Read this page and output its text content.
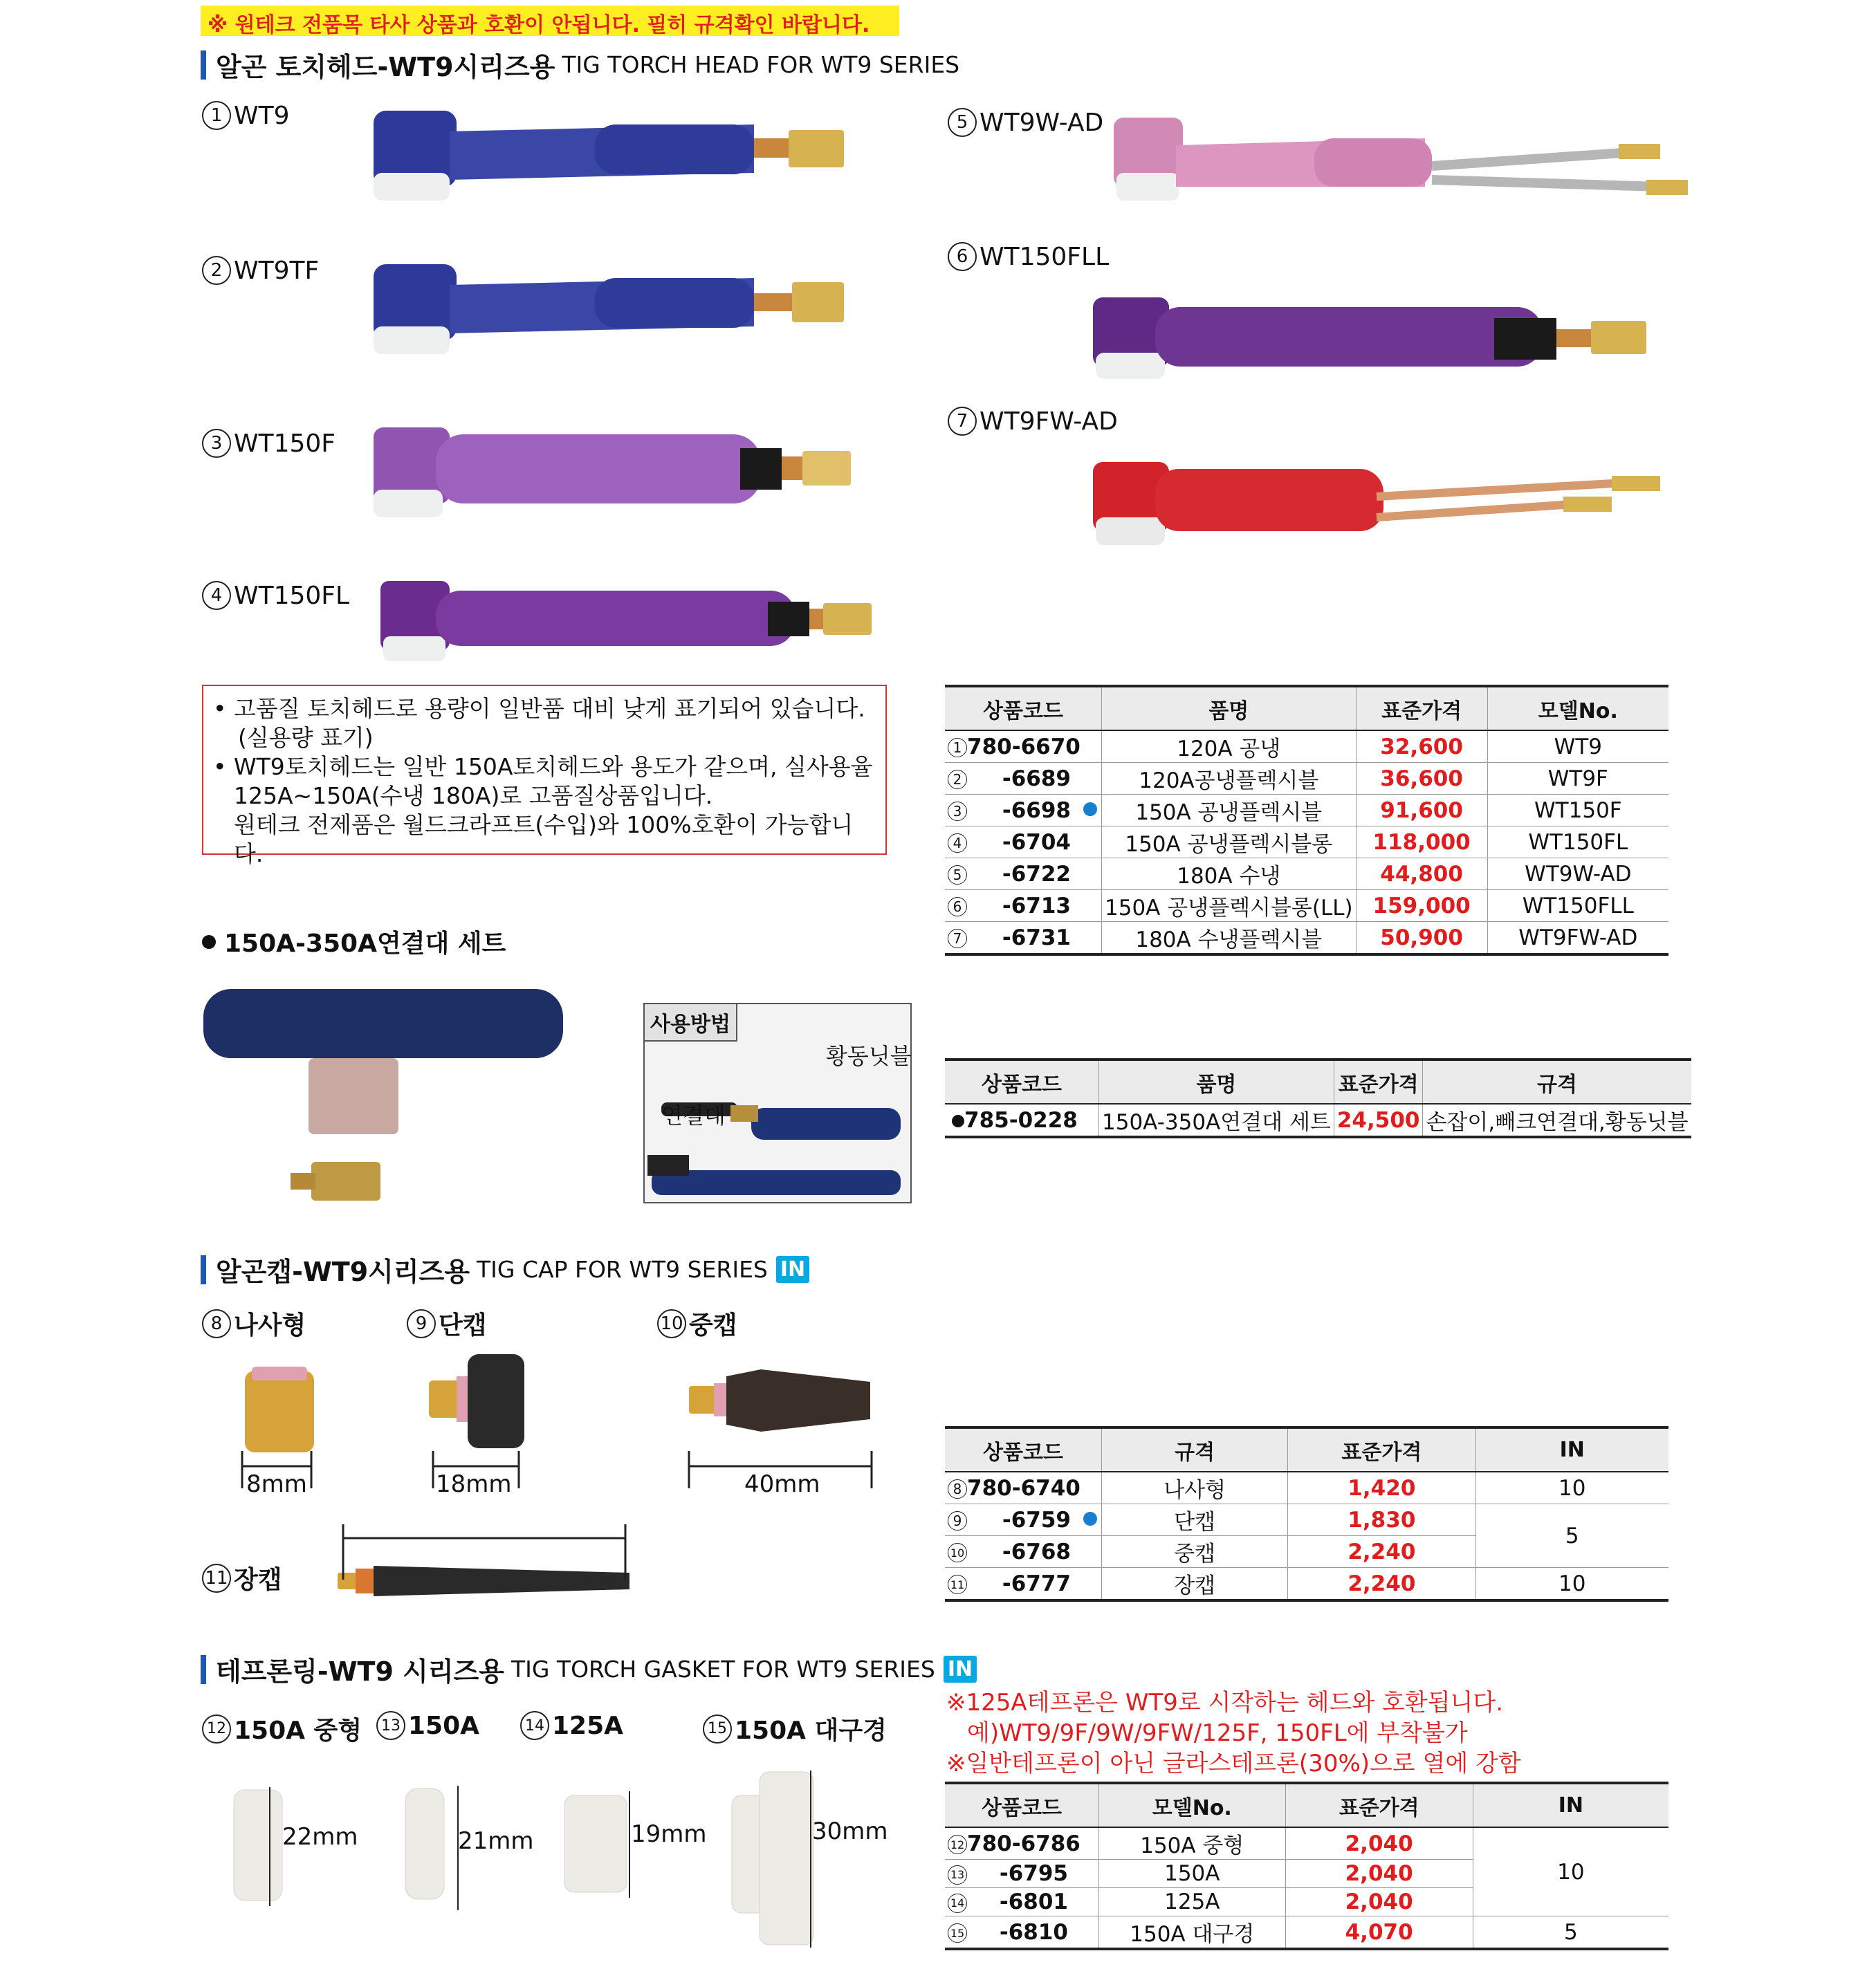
※ 원테크 전품목 타사 상품과 호환이 안됩니다. 필히 규격확인 바랍니다.
알곤 토치헤드-WT9시리즈용 TIG TORCH HEAD FOR WT9 SERIES
1 WT9
2 WT9TF
3 WT150F
4 WT150FL
5 WT9W-AD
6 WT150FLL
7 WT9FW-AD
• 고품질 토치헤드로 용량이 일반품 대비 낮게 표기되어 있습니다.
(실용량 표기)
• WT9토치헤드는 일반 150A토치헤드와 용도가 같으며, 실사용율
125A~150A(수냉 180A)로 고품질상품입니다.
원테크 전제품은 월드크라프트(수입)와 100%호환이 가능합니다.
상품코드	품명	표준가격	모델No.
1 780-6670	120A 공냉	32,600	WT9
2 -6689	120A공냉플렉시블	36,600	WT9F
3 -6698	150A 공냉플렉시블	91,600	WT150F
4 -6704	150A 공냉플렉시블롱	118,000	WT150FL
5 -6722	180A 수냉	44,800	WT9W-AD
6 -6713	150A 공냉플렉시블롱(LL)	159,000	WT150FLL
7 -6731	180A 수냉플렉시블	50,900	WT9FW-AD
150A-350A연결대 세트
사용방법
황동닛블
연결대
상품코드	품명	표준가격	규격
785-0228	150A-350A연결대 세트	24,500	손잡이,빼크연결대,황동닛블
알곤캡-WT9시리즈용 TIG CAP FOR WT9 SERIES IN
8 나사형	9 단캡	10 중캡
11 장캡
8mm	18mm	40mm
상품코드	규격	표준가격	IN
8 780-6740	나사형	1,420	10
9 -6759	단캡	1,830	5
10 -6768	중캡	2,240	
11 -6777	장캡	2,240	10
테프론링-WT9 시리즈용 TIG TORCH GASKET FOR WT9 SERIES IN
12 150A 중형	13 150A	14 125A	15 150A 대구경
22mm	21mm	19mm	30mm
※125A테프론은 WT9로 시작하는 헤드와 호환됩니다.
예)WT9/9F/9W/9FW/125F, 150FL에 부착불가
※일반테프론이 아닌 글라스테프론(30%)으로 열에 강함
상품코드	모델No.	표준가격	IN
12 780-6786	150A 중형	2,040	10
13 -6795	150A	2,040	
14 -6801	125A	2,040	
15 -6810	150A 대구경	4,070	5
